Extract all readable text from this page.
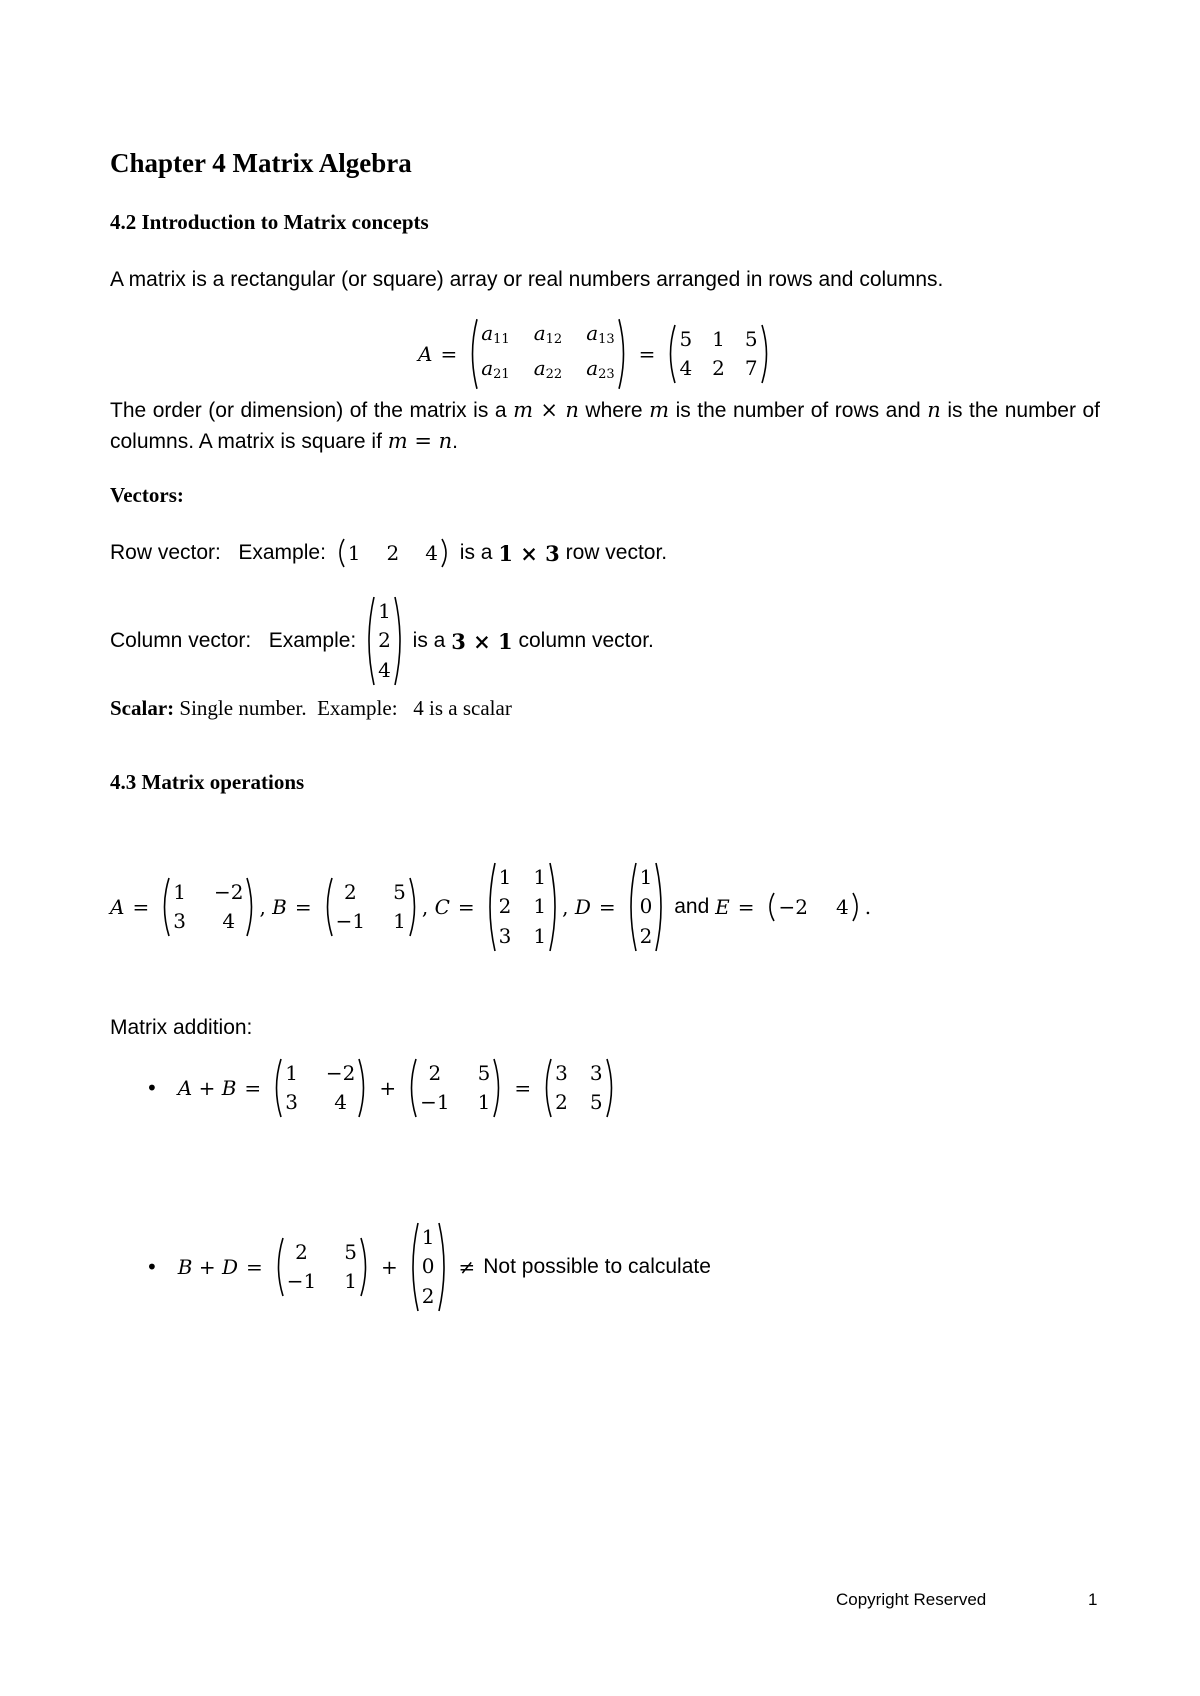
Chapter 4 Matrix Algebra
4.2 Introduction to Matrix concepts
A matrix is a rectangular (or square) array or real numbers arranged in rows and columns.
A =
$a_{11}$ $a_{12}$ $a_{13}$
$a_{21}$ $a_{22}$ $a_{23}$
=
5 1 5
4 2 7
The order (or dimension) of the matrix is a m × n where m is the number of rows and n is the number of columns. A matrix is square if m = n.
Vectors:
Row vector:   Example: 1 2 4 is a 1 × 3 row vector.
Column vector:   Example:
1
2
4
is a 3 × 1 column vector.
Scalar: Single number.  Example:   4 is a scalar
4.3 Matrix operations
A =
1 −2
3	4
, B =
2	5
−1 1
, C =
1 1
2 1
3 1
, D =
1
0
2
and E = −2 4 .
Matrix addition:
• A + B =
1 −2
3	4
+
2	5
−1 1
=
3 3
2 5
• B + D =
2	5
−1 1
+
1
0
2
≠ Not possible to calculate
Copyright Reserved	1
